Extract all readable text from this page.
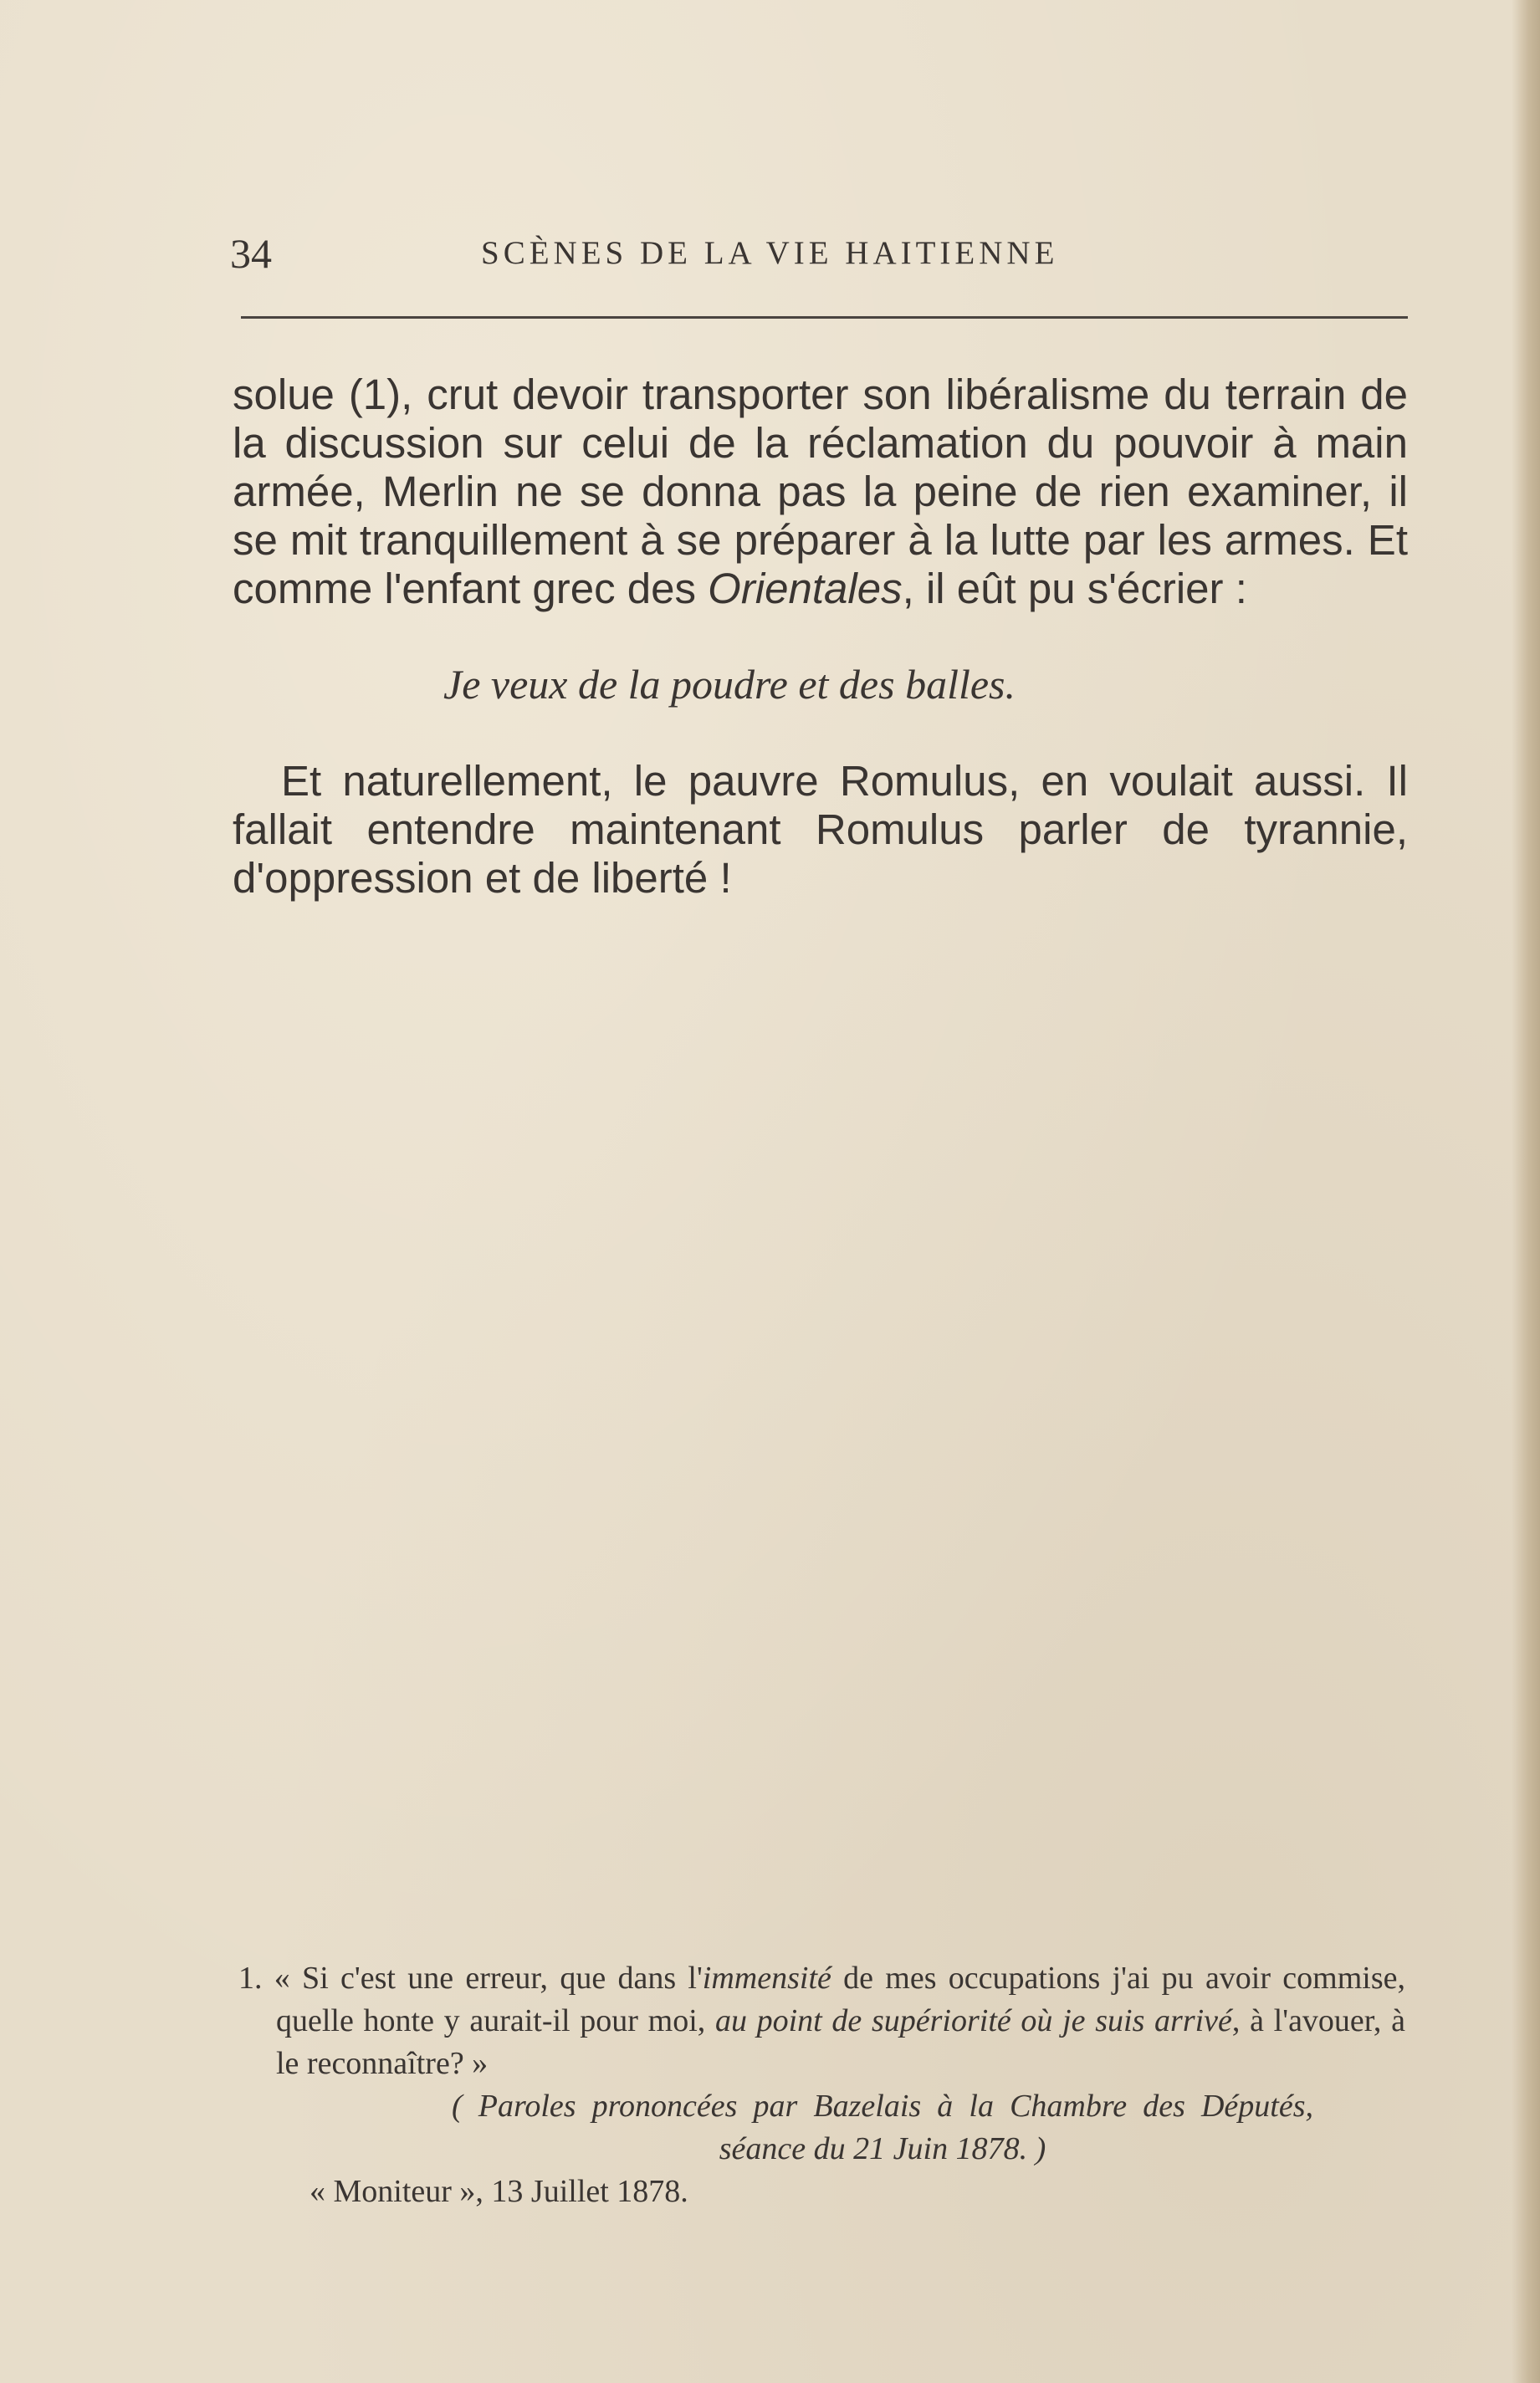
34	SCÈNES DE LA VIE HAITIENNE

solue (1), crut devoir transporter son libéralisme du terrain de la discussion sur celui de la réclamation du pouvoir à main armée, Merlin ne se donna pas la peine de rien examiner, il se mit tranquillement à se préparer à la lutte par les armes. Et comme l'enfant grec des Orientales, il eût pu s'écrier :

Je veux de la poudre et des balles.

Et naturellement, le pauvre Romulus, en voulait aussi. Il fallait entendre maintenant Romulus parler de tyrannie, d'oppression et de liberté !

1. « Si c'est une erreur, que dans l'immensité de mes occupations j'ai pu avoir commise, quelle honte y aurait-il pour moi, au point de supériorité où je suis arrivé, à l'avouer, à le reconnaître? »

( Paroles prononcées par Bazelais à la Chambre des Députés, séance du 21 Juin 1878. )

« Moniteur », 13 Juillet 1878.
